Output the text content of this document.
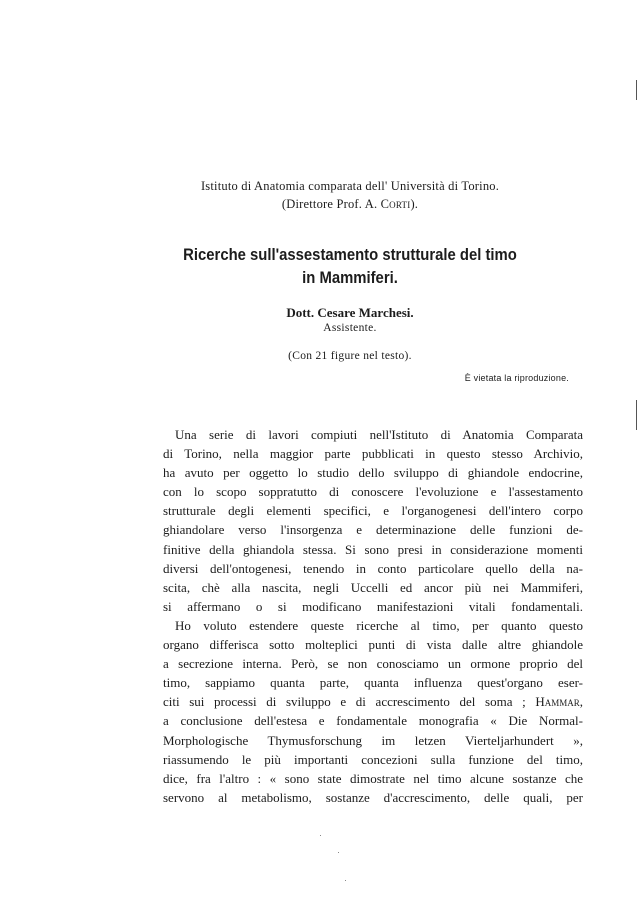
Istituto di Anatomia comparata dell' Università di Torino.
(Direttore Prof. A. Corti).
Ricerche sull'assestamento strutturale del timo
in Mammiferi.
Dott. Cesare Marchesi.
Assistente.
(Con 21 figure nel testo).
È vietata la riproduzione.
Una serie di lavori compiuti nell'Istituto di Anatomia Comparata
di Torino, nella maggior parte pubblicati in questo stesso Archivio,
ha avuto per oggetto lo studio dello sviluppo di ghiandole endocrine,
con lo scopo soppratutto di conoscere l'evoluzione e l'assestamento
strutturale degli elementi specifici, e l'organogenesi dell'intero corpo
ghiandolare verso l'insorgenza e determinazione delle funzioni de-
finitive della ghiandola stessa. Si sono presi in considerazione momenti
diversi dell'ontogenesi, tenendo in conto particolare quello della na-
scita, chè alla nascita, negli Uccelli ed ancor più nei Mammiferi,
si affermano o si modificano manifestazioni vitali fondamentali.
Ho voluto estendere queste ricerche al timo, per quanto questo
organo differisca sotto molteplici punti di vista dalle altre ghiandole
a secrezione interna. Però, se non conosciamo un ormone proprio del
timo, sappiamo quanta parte, quanta influenza quest'organo eser-
citi sui processi di sviluppo e di accrescimento del soma ; Hammar,
a conclusione dell'estesa e fondamentale monografia « Die Normal-
Morphologische Thymusforschung im letzen Vierteljarhundert »,
riassumendo le più importanti concezioni sulla funzione del timo,
dice, fra l'altro : « sono state dimostrate nel timo alcune sostanze che
servono al metabolismo, sostanze d'accrescimento, delle quali, per
